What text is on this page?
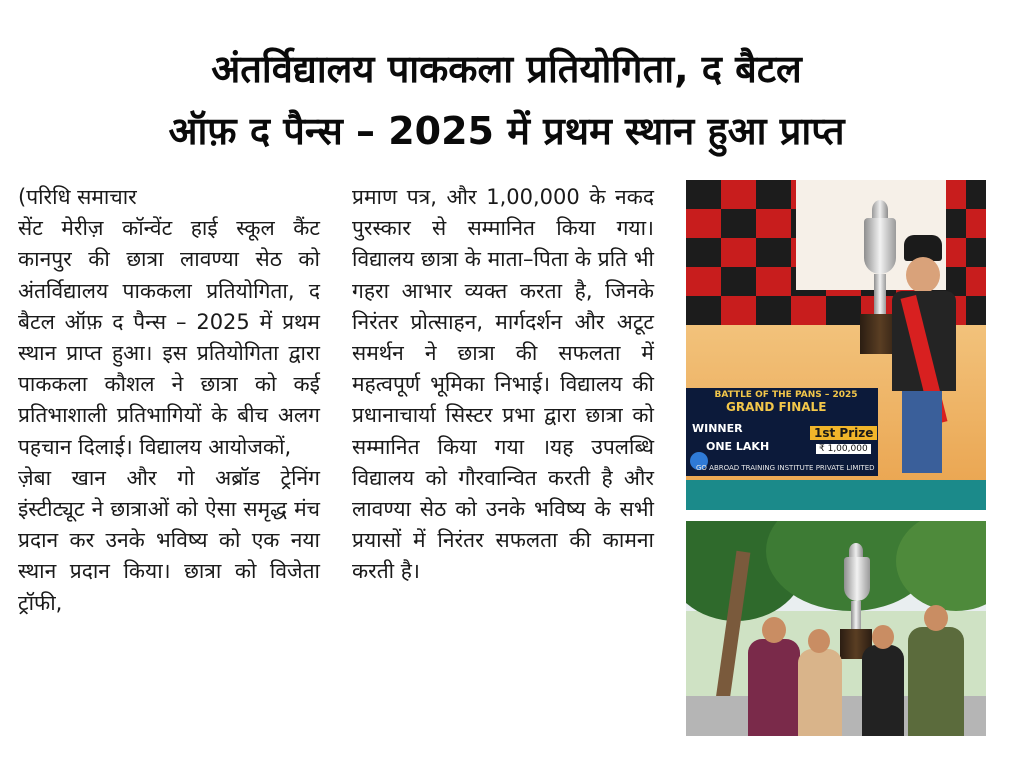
अंतर्विद्यालय पाककला प्रतियोगिता, द बैटल
ऑफ़ द पैन्स – 2025 में प्रथम स्थान हुआ प्राप्त

(परिधि समाचार

सेंट मेरीज़ कॉन्वेंट हाई स्कूल कैंट कानपुर की छात्रा लावण्या सेठ को अंतर्विद्यालय पाककला प्रतियोगिता, द बैटल ऑफ़ द पैन्स – 2025 में प्रथम स्थान प्राप्त हुआ। इस प्रतियोगिता द्वारा पाककला कौशल ने छात्रा को कई प्रतिभाशाली प्रतिभागियों के बीच अलग पहचान दिलाई। विद्यालय आयोजकों,

ज़ेबा खान और गो अब्रॉड ट्रेनिंग इंस्टीट्यूट ने छात्राओं को ऐसा समृद्ध मंच प्रदान कर उनके भविष्य को एक नया स्थान प्रदान किया। छात्रा को विजेता ट्रॉफी,

प्रमाण पत्र, और 1,00,000 के नकद पुरस्कार से सम्मानित किया गया। विद्यालय छात्रा के माता–पिता के प्रति भी गहरा आभार व्यक्त करता है, जिनके निरंतर प्रोत्साहन, मार्गदर्शन और अटूट समर्थन ने छात्रा की सफलता में महत्वपूर्ण भूमिका निभाई। विद्यालय की प्रधानाचार्या सिस्टर प्रभा द्वारा छात्रा को सम्मानित किया गया ।यह उपलब्धि विद्यालय को गौरवान्वित करती है और लावण्या सेठ को उनके भविष्य के सभी प्रयासों में निरंतर सफलता की कामना करती है।

BATTLE OF THE PANS – 2025
GRAND FINALE
WINNER
ONE LAKH
1st Prize
₹ 1,00,000
GO ABROAD TRAINING INSTITUTE PRIVATE LIMITED
